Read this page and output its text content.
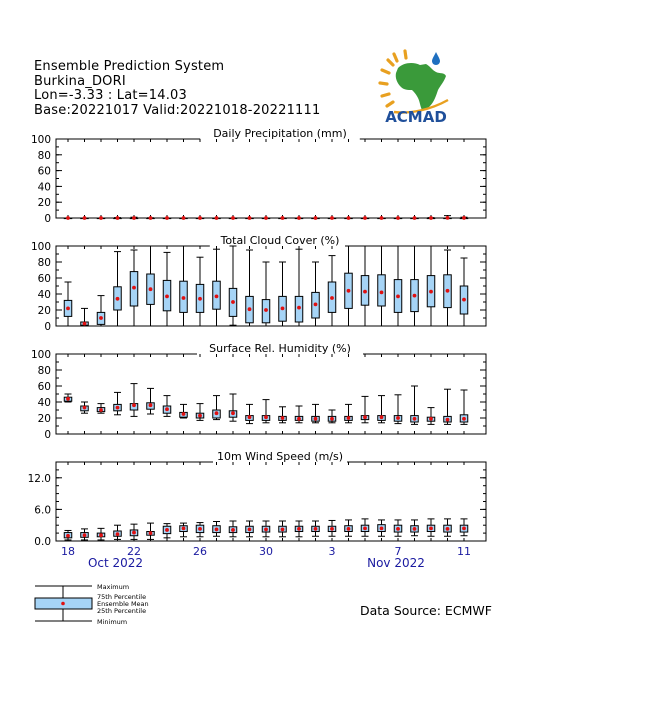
Ensemble Prediction System
Burkina_DORI
Lon=-3.33 : Lat=14.03
Base:20221017 Valid:20221018-20221111	ACMAD
Daily Precipitation (mm)
0
20
40
60
80
100
Total Cloud Cover (%)
0
20
40
60
80
100
Surface Rel. Humidity (%)
0
20
40
60
80
100
10m Wind Speed (m/s)
0.0
6.0
12.0
18	22	26	30	3	7	11
Oct 2022	Nov 2022
Maximum
75th Percentile
Ensemble Mean
25th Percentile
Minimum
Data Source: ECMWF
